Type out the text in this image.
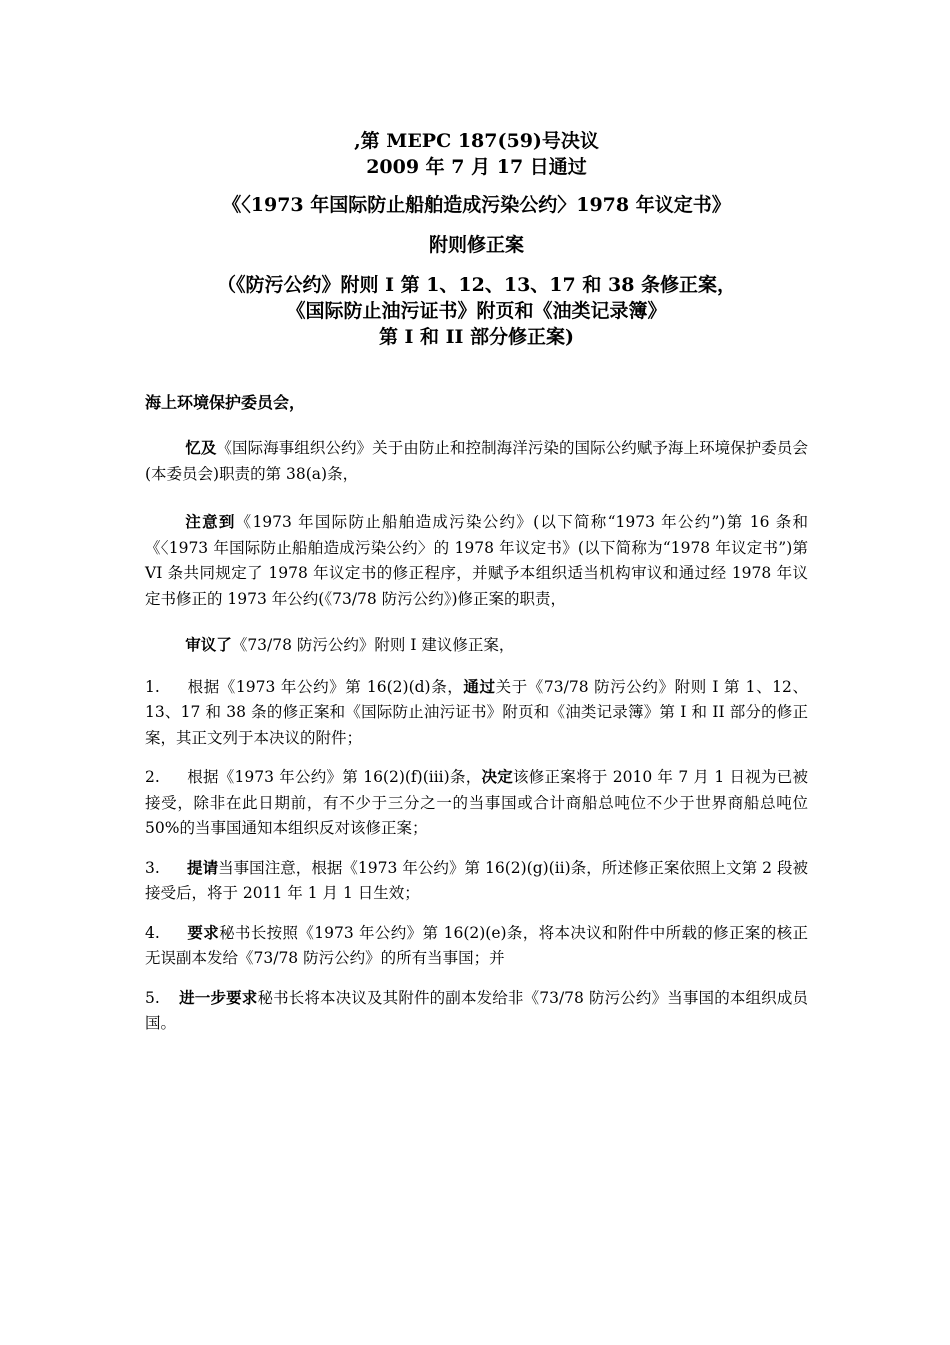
,第 MEPC 187(59)号决议
2009 年 7 月 17 日通过
《〈1973 年国际防止船舶造成污染公约〉1978 年议定书》
附则修正案
（《防污公约》附则 I 第 1、12、13、17 和 38 条修正案，
《国际防止油污证书》附页和《油类记录簿》
第 I 和 II 部分修正案)
海上环境保护委员会，

忆及《国际海事组织公约》关于由防止和控制海洋污染的国际公约赋予海上环境保护委员会(本委员会)职责的第 38(a)条，

注意到《1973 年国际防止船舶造成污染公约》(以下简称“1973 年公约”)第 16 条和《〈1973 年国际防止船舶造成污染公约〉的 1978 年议定书》(以下简称为“1978 年议定书”)第 VI 条共同规定了 1978 年议定书的修正程序，并赋予本组织适当机构审议和通过经 1978 年议定书修正的 1973 年公约(《73/78 防污公约》)修正案的职责，

审议了《73/78 防污公约》附则 I 建议修正案，

1. 根据《1973 年公约》第 16(2)(d)条，通过关于《73/78 防污公约》附则 I 第 1、12、13、17 和 38 条的修正案和《国际防止油污证书》附页和《油类记录簿》第 I 和 II 部分的修正案，其正文列于本决议的附件；

2. 根据《1973 年公约》第 16(2)(f)(iii)条，决定该修正案将于 2010 年 7 月 1 日视为已被接受，除非在此日期前，有不少于三分之一的当事国或合计商船总吨位不少于世界商船总吨位 50%的当事国通知本组织反对该修正案；

3. 提请当事国注意，根据《1973 年公约》第 16(2)(g)(ii)条，所述修正案依照上文第 2 段被接受后，将于 2011 年 1 月 1 日生效；

4. 要求秘书长按照《1973 年公约》第 16(2)(e)条，将本决议和附件中所载的修正案的核正无误副本发给《73/78 防污公约》的所有当事国；并

5. 进一步要求秘书长将本决议及其附件的副本发给非《73/78 防污公约》当事国的本组织成员国。
